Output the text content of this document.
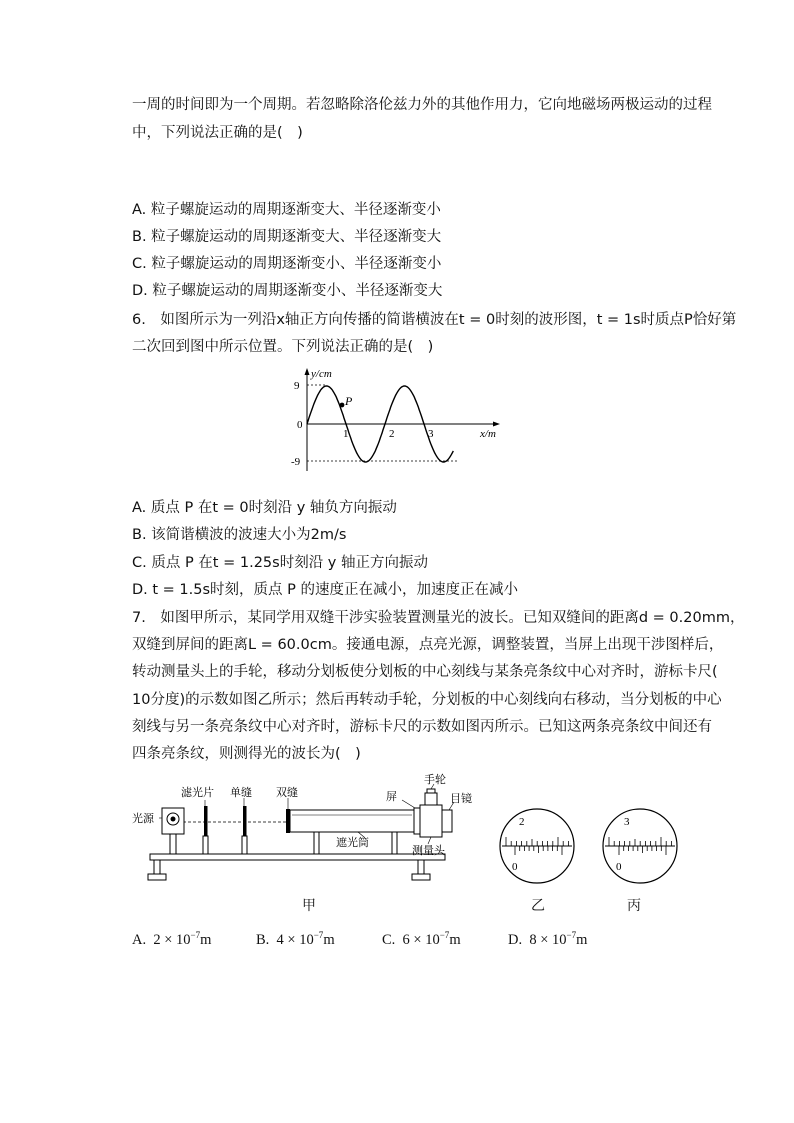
一周的时间即为一个周期。若忽略除洛伦兹力外的其他作用力，它向地磁场两极运动的过程
中，下列说法正确的是(　)
A. 粒子螺旋运动的周期逐渐变大、半径逐渐变小
B. 粒子螺旋运动的周期逐渐变大、半径逐渐变大
C. 粒子螺旋运动的周期逐渐变小、半径逐渐变小
D. 粒子螺旋运动的周期逐渐变小、半径逐渐变大
6.　如图所示为一列沿x轴正方向传播的简谐横波在t = 0时刻的波形图，t = 1s时质点P恰好第
二次回到图中所示位置。下列说法正确的是(　)
P
y/cm
x/m
9
0
-9
1	2	3
A. 质点 P 在t = 0时刻沿 y 轴负方向振动
B. 该简谐横波的波速大小为2m/s
C. 质点 P 在t = 1.25s时刻沿 y 轴正方向振动
D. t = 1.5s时刻，质点 P 的速度正在减小，加速度正在减小
7.　如图甲所示，某同学用双缝干涉实验装置测量光的波长。已知双缝间的距离d = 0.20mm，
双缝到屏间的距离L = 60.0cm。接通电源，点亮光源，调整装置，当屏上出现干涉图样后，
转动测量头上的手轮，移动分划板使分划板的中心刻线与某条亮条纹中心对齐时，游标卡尺(
10分度)的示数如图乙所示；然后再转动手轮，分划板的中心刻线向右移动，当分划板的中心
刻线与另一条亮条纹中心对齐时，游标卡尺的示数如图丙所示。已知这两条亮条纹中间还有
四条亮条纹，则测得光的波长为(　)
光源
滤光片 单缝 双缝	屏
手轮
目镜
遮光筒
测量头
2
0
3
0
甲	乙	丙
A. $2 \times 10^{-7}m$	B. $4 \times 10^{-7}m$	C. $6 \times 10^{-7}m$	D. $8 \times 10^{-7}m$
